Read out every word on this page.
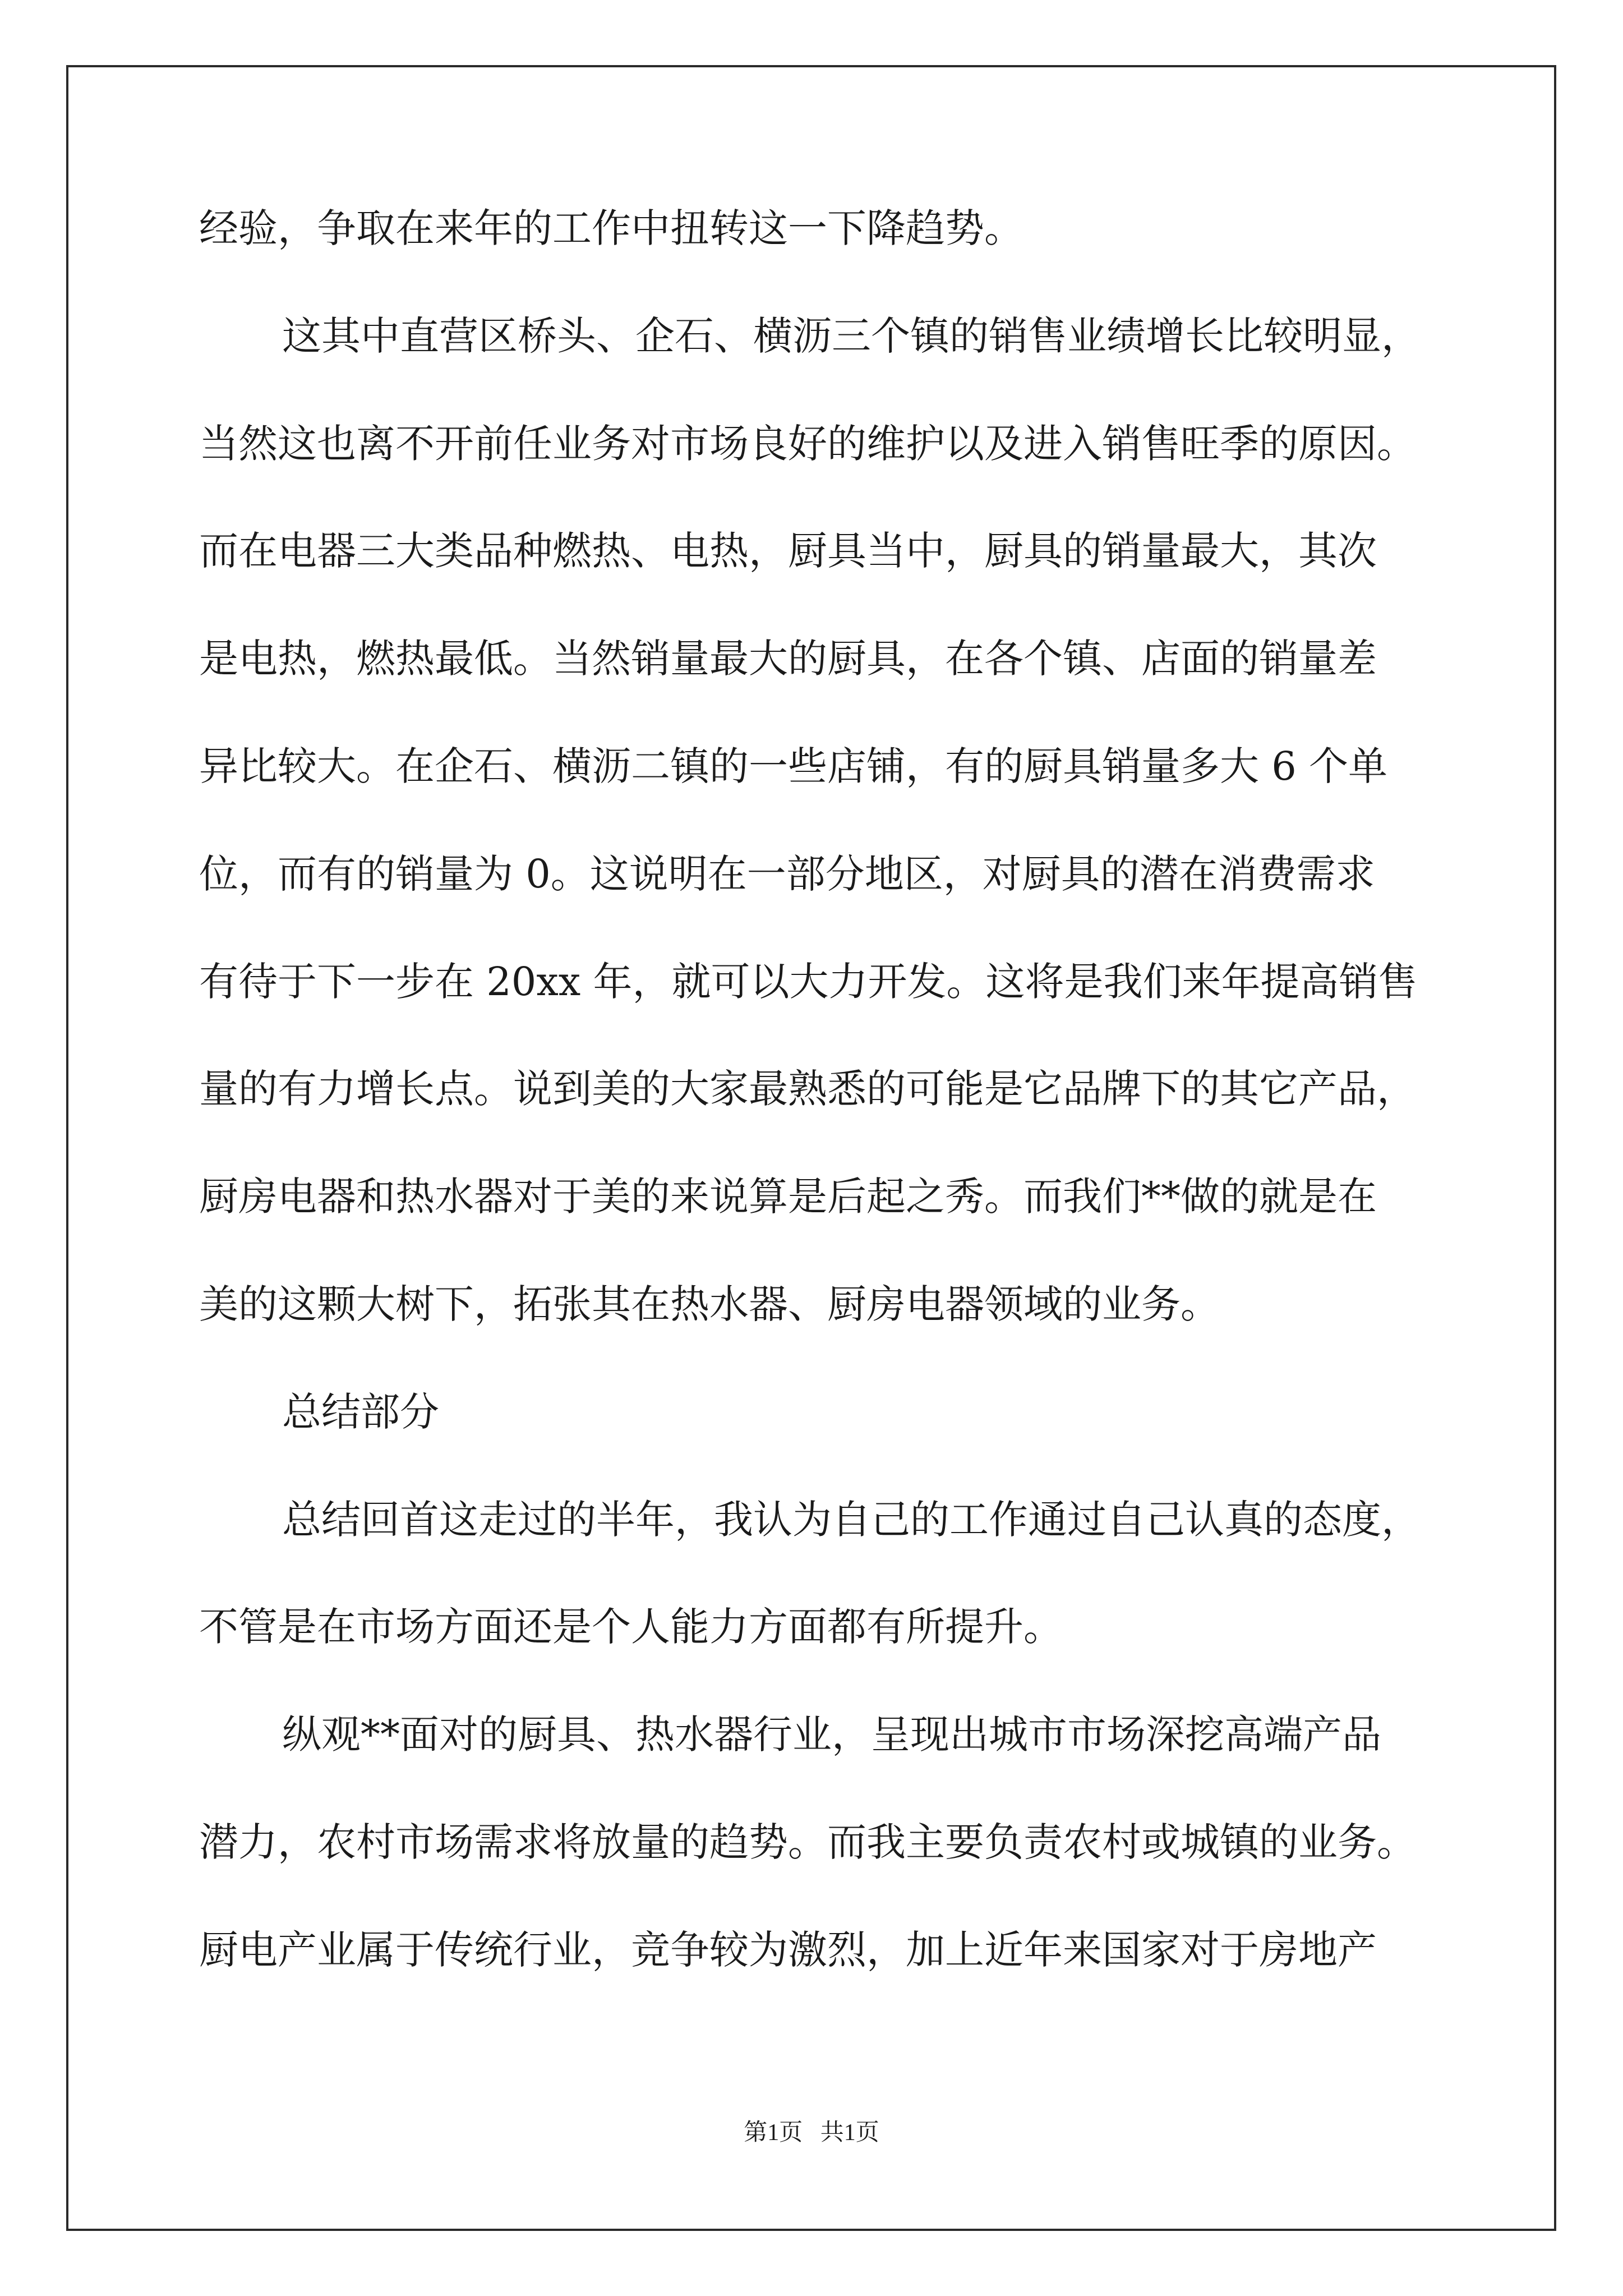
经验，争取在来年的工作中扭转这一下降趋势。
这其中直营区桥头、企石、横沥三个镇的销售业绩增长比较明显，
当然这也离不开前任业务对市场良好的维护以及进入销售旺季的原因。
而在电器三大类品种燃热、电热，厨具当中，厨具的销量最大，其次
是电热，燃热最低。当然销量最大的厨具，在各个镇、店面的销量差
异比较大。在企石、横沥二镇的一些店铺，有的厨具销量多大 6 个单
位，而有的销量为 0。这说明在一部分地区，对厨具的潜在消费需求
有待于下一步在 20xx 年，就可以大力开发。这将是我们来年提高销售
量的有力增长点。说到美的大家最熟悉的可能是它品牌下的其它产品，
厨房电器和热水器对于美的来说算是后起之秀。而我们**做的就是在
美的这颗大树下，拓张其在热水器、厨房电器领域的业务。
总结部分
总结回首这走过的半年，我认为自己的工作通过自己认真的态度，
不管是在市场方面还是个人能力方面都有所提升。
纵观**面对的厨具、热水器行业，呈现出城市市场深挖高端产品
潜力，农村市场需求将放量的趋势。而我主要负责农村或城镇的业务。
厨电产业属于传统行业，竞争较为激烈，加上近年来国家对于房地产
第1页   共1页
